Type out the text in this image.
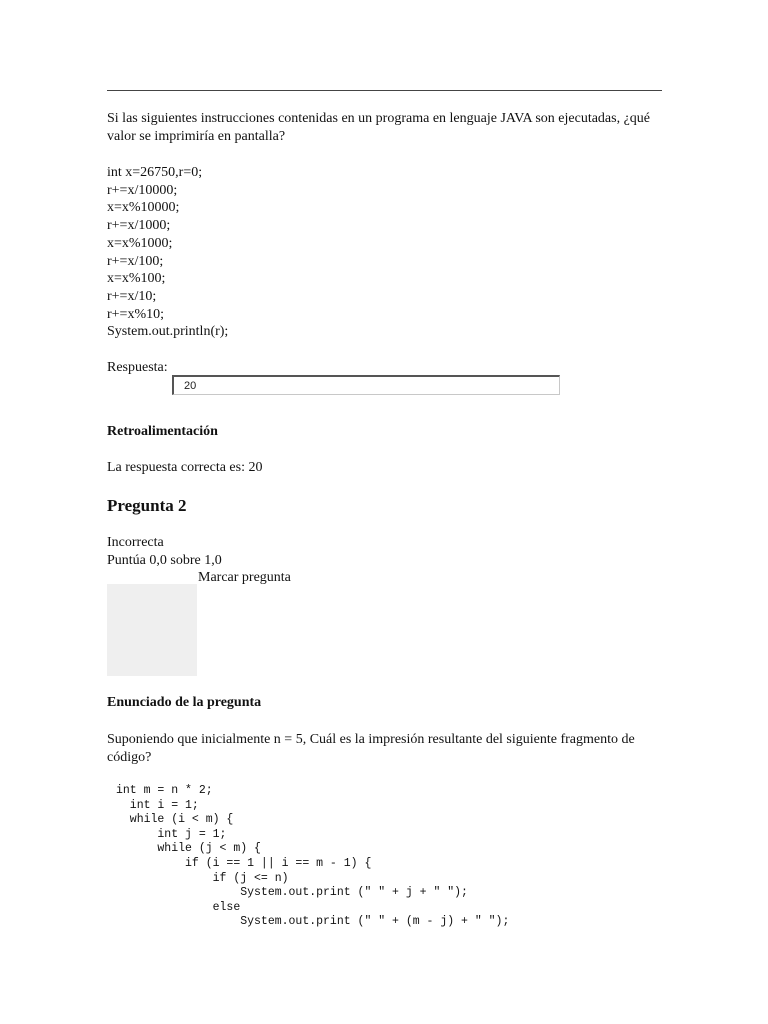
Si las siguientes instrucciones contenidas en un programa en lenguaje JAVA son ejecutadas, ¿qué valor se imprimiría en pantalla?
int x=26750,r=0;
r+=x/10000;
x=x%10000;
r+=x/1000;
x=x%1000;
r+=x/100;
x=x%100;
r+=x/10;
r+=x%10;
System.out.println(r);
Respuesta:
20
Retroalimentación
La respuesta correcta es: 20
Pregunta 2
Incorrecta
Puntúa 0,0 sobre 1,0
Marcar pregunta
Enunciado de la pregunta
Suponiendo que inicialmente n = 5, Cuál es la impresión resultante del siguiente fragmento de código?
int m = n * 2;
int i = 1;
while (i < m) {
int j = 1;
while (j < m) {
if (i == 1 || i == m - 1) {
if (j <= n)
System.out.print (" " + j + " ");
else
System.out.print (" " + (m - j) + " ");
